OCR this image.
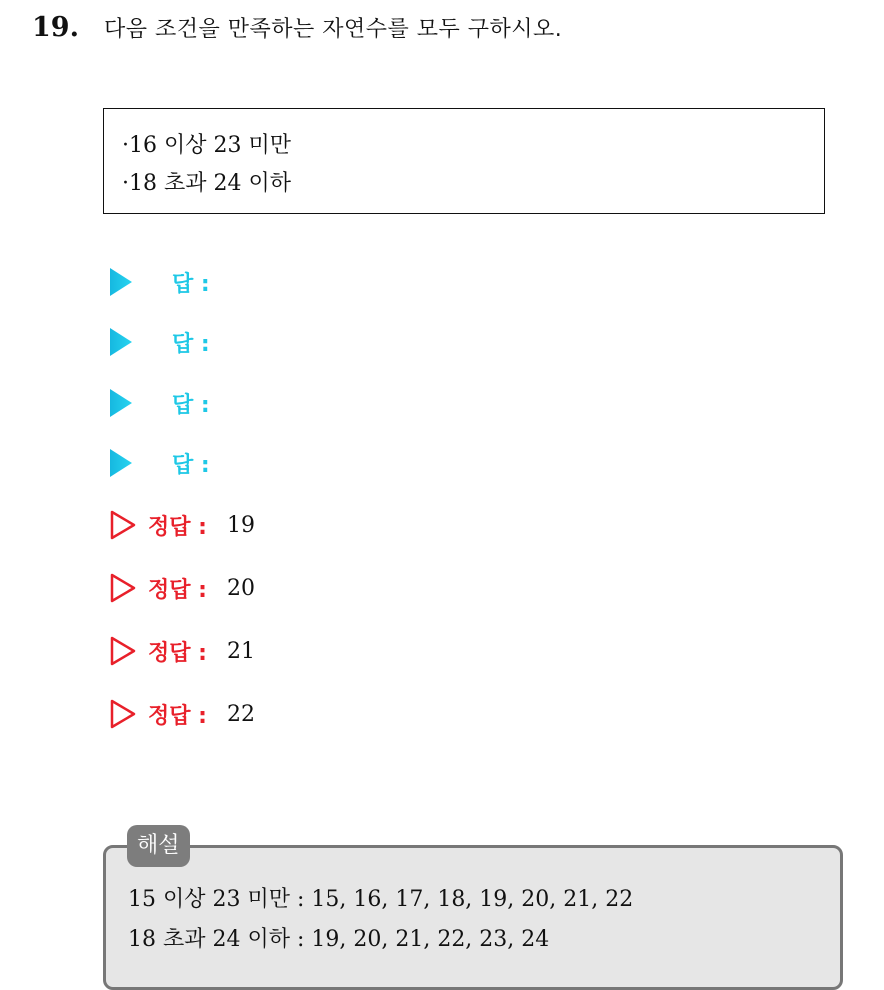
19.	다음 조건을 만족하는 자연수를 모두 구하시오.
·16 이상 23 미만
·18 초과 24 이하
답 :
답 :
답 :
답 :
정답 : 19
정답 : 20
정답 : 21
정답 : 22
15 이상 23 미만 : 15, 16, 17, 18, 19, 20, 21, 22
18 초과 24 이하 : 19, 20, 21, 22, 23, 24
해설
